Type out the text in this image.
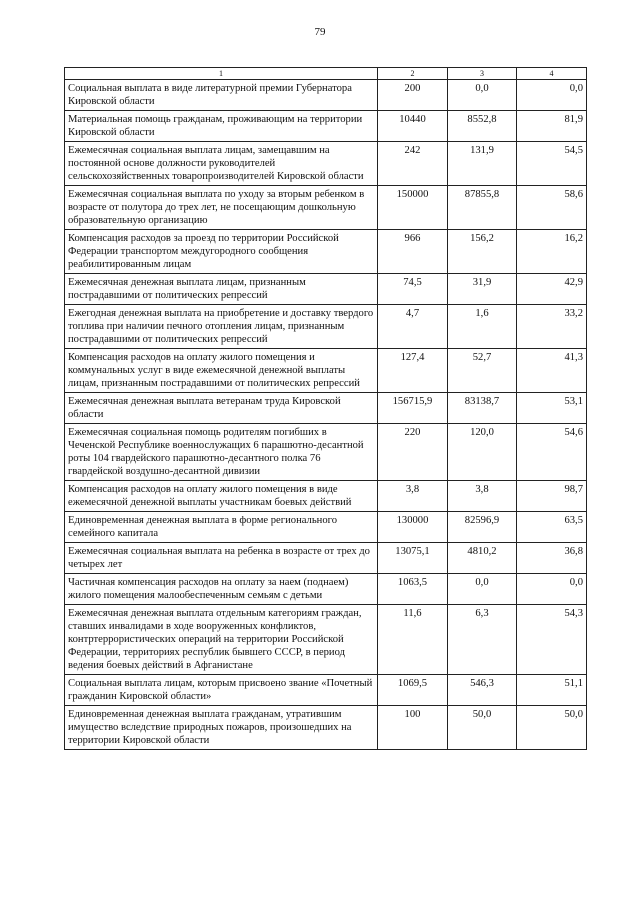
79
1	2	3	4
Социальная выплата в виде литературной премии Губернатора Кировской области	200	0,0	0,0
Материальная помощь гражданам, проживающим на территории Кировской области	10440	8552,8	81,9
Ежемесячная социальная выплата лицам, замещавшим на постоянной основе должности руководителей сельскохозяйственных товаропроизводителей Кировской области	242	131,9	54,5
Ежемесячная социальная выплата по уходу за вторым ребенком в возрасте от полутора до трех лет, не посещающим дошкольную образовательную организацию	150000	87855,8	58,6
Компенсация расходов за проезд по территории Российской Федерации транспортом междугородного сообщения реабилитированным лицам	966	156,2	16,2
Ежемесячная денежная выплата лицам, признанным пострадавшими от политических репрессий	74,5	31,9	42,9
Ежегодная денежная выплата на приобретение и доставку твердого топлива при наличии печного отопления лицам, признанным пострадавшими от политических репрессий	4,7	1,6	33,2
Компенсация расходов на оплату жилого помещения и коммунальных услуг в виде ежемесячной денежной выплаты лицам, признанным пострадавшими от политических репрессий	127,4	52,7	41,3
Ежемесячная денежная выплата ветеранам труда Кировской области	156715,9	83138,7	53,1
Ежемесячная социальная помощь родителям погибших в Чеченской Республике военнослужащих 6 парашютно-десантной роты 104 гвардейского парашютно-десантного полка 76 гвардейской воздушно-десантной дивизии	220	120,0	54,6
Компенсация расходов на оплату жилого помещения в виде ежемесячной денежной выплаты участникам боевых действий	3,8	3,8	98,7
Единовременная денежная выплата в форме регионального семейного капитала	130000	82596,9	63,5
Ежемесячная социальная выплата на ребенка в возрасте от трех до четырех лет	13075,1	4810,2	36,8
Частичная компенсация расходов на оплату за наем (поднаем) жилого помещения малообеспеченным семьям с детьми	1063,5	0,0	0,0
Ежемесячная денежная выплата отдельным категориям граждан, ставших инвалидами в ходе вооруженных конфликтов, контртеррористических операций на территории Российской Федерации, территориях республик бывшего СССР, в период ведения боевых действий в Афганистане	11,6	6,3	54,3
Социальная выплата лицам, которым присвоено звание «Почетный гражданин Кировской области»	1069,5	546,3	51,1
Единовременная денежная выплата гражданам, утратившим имущество вследствие природных пожаров, произошедших на территории Кировской области	100	50,0	50,0
